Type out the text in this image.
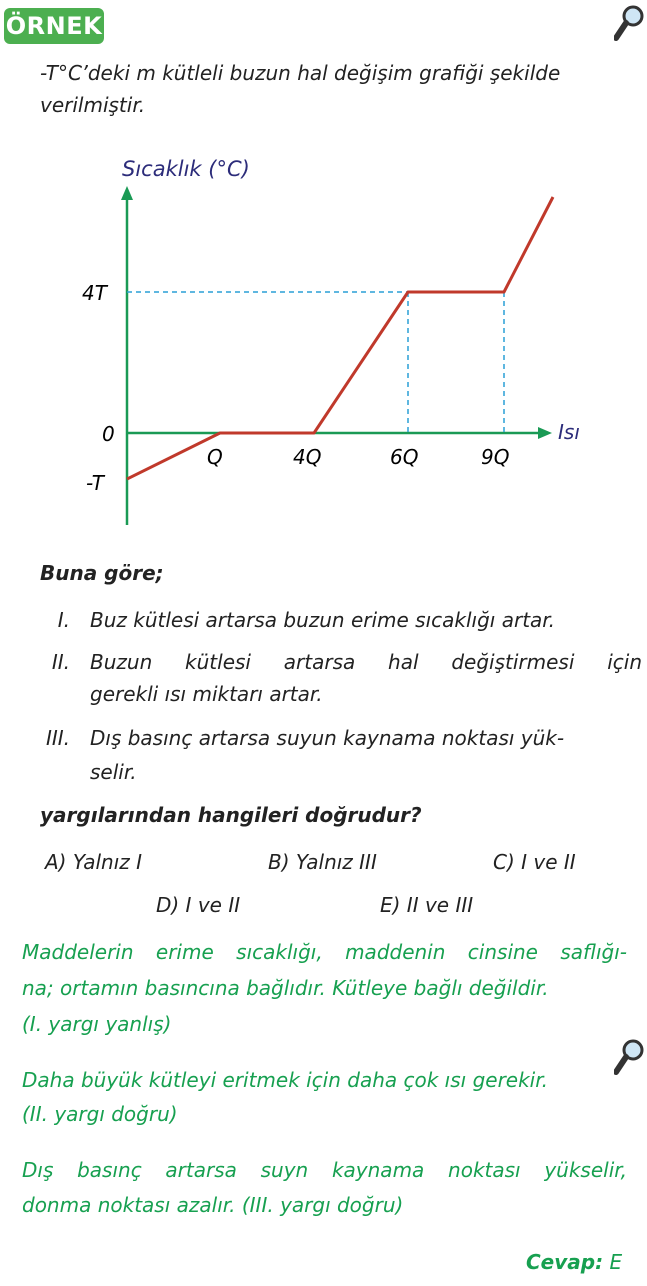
ÖRNEK
-T°C’deki m kütleli buzun hal değişim grafiği şekilde
verilmiştir.
Sıcaklık (°C)
Isı
4T
0
-T
Q	4Q	6Q	9Q
Buna göre;
I. Buz kütlesi artarsa buzun erime sıcaklığı artar.
II. Buzun kütlesi artarsa hal değiştirmesi için
gerekli ısı miktarı artar.
III. Dış basınç artarsa suyun kaynama noktası yük-
selir.
yargılarından hangileri doğrudur?
A) Yalnız I	B) Yalnız III	C) I ve II
D) I ve II	E) II ve III
Maddelerin erime sıcaklığı, maddenin cinsine saflığı-
na; ortamın basıncına bağlıdır. Kütleye bağlı değildir.
(I. yargı yanlış)
Daha büyük kütleyi eritmek için daha çok ısı gerekir.
(II. yargı doğru)
Dış basınç artarsa suyn kaynama noktası yükselir,
donma noktası azalır. (III. yargı doğru)
Cevap: E
